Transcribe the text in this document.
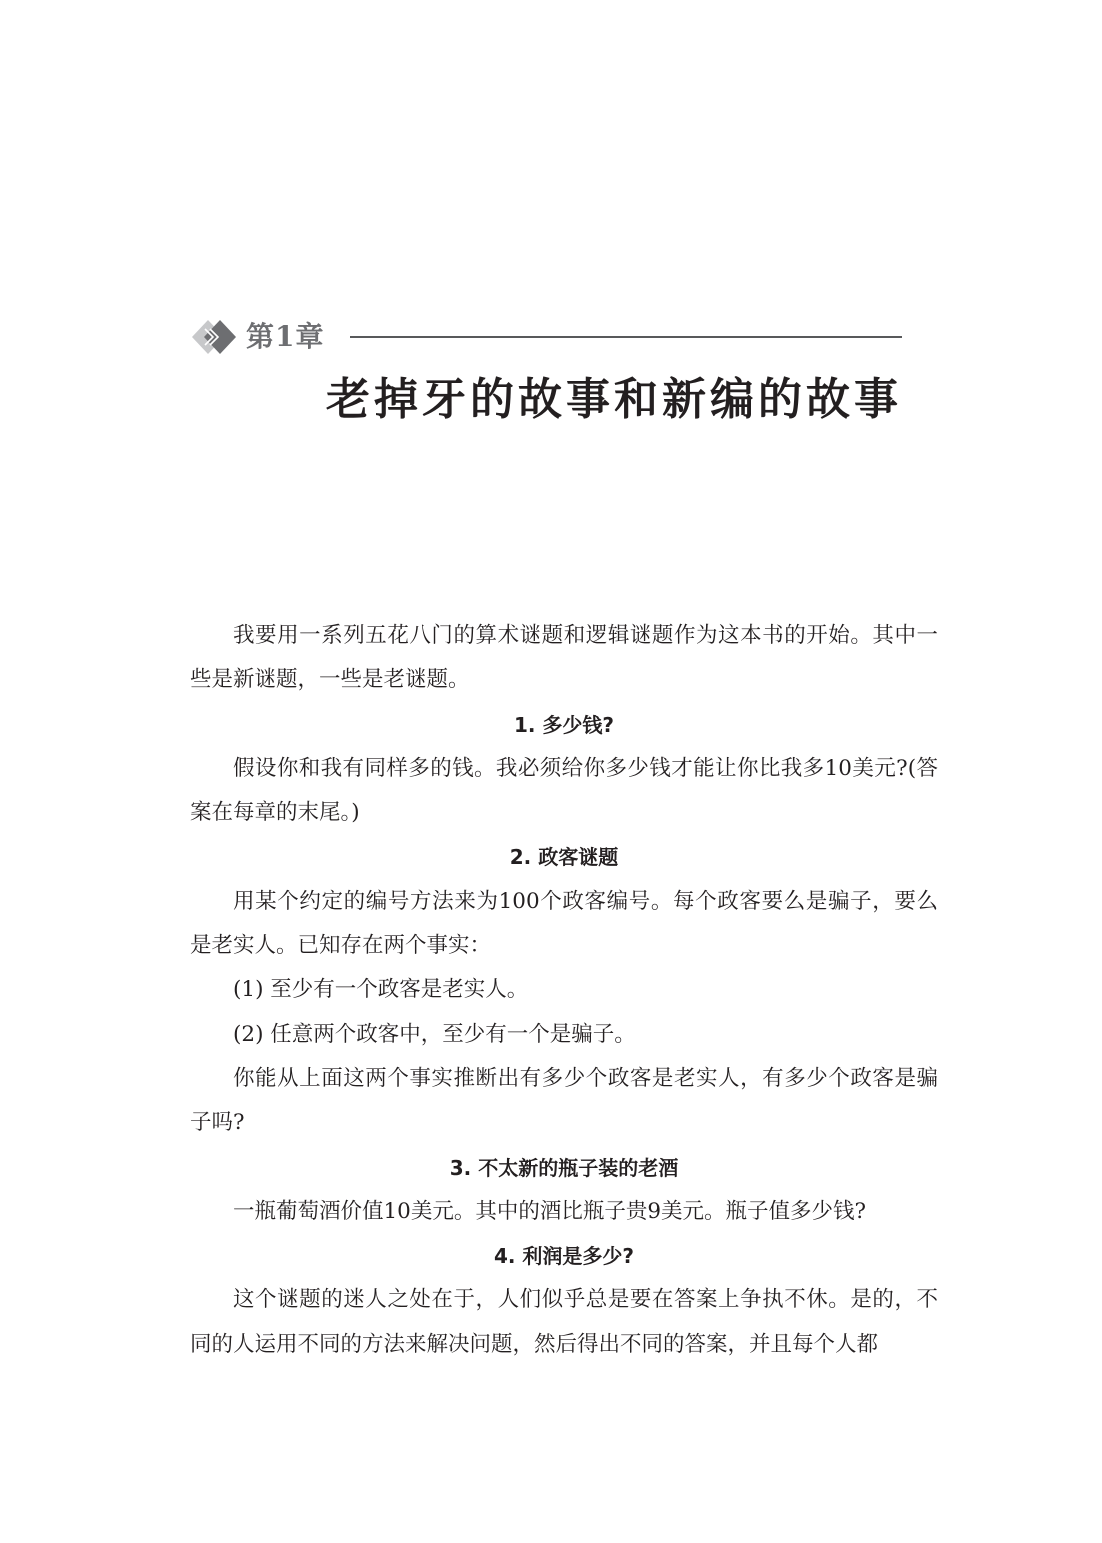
第1章
老掉牙的故事和新编的故事

我要用一系列五花八门的算术谜题和逻辑谜题作为这本书的开始。其中一些是新谜题，一些是老谜题。

1. 多少钱?

假设你和我有同样多的钱。我必须给你多少钱才能让你比我多10美元?(答案在每章的末尾。)

2. 政客谜题

用某个约定的编号方法来为100个政客编号。每个政客要么是骗子，要么是老实人。已知存在两个事实：

(1) 至少有一个政客是老实人。

(2) 任意两个政客中，至少有一个是骗子。

你能从上面这两个事实推断出有多少个政客是老实人，有多少个政客是骗子吗?

3. 不太新的瓶子装的老酒

一瓶葡萄酒价值10美元。其中的酒比瓶子贵9美元。瓶子值多少钱?

4. 利润是多少?

这个谜题的迷人之处在于，人们似乎总是要在答案上争执不休。是的，不同的人运用不同的方法来解决问题，然后得出不同的答案，并且每个人都
